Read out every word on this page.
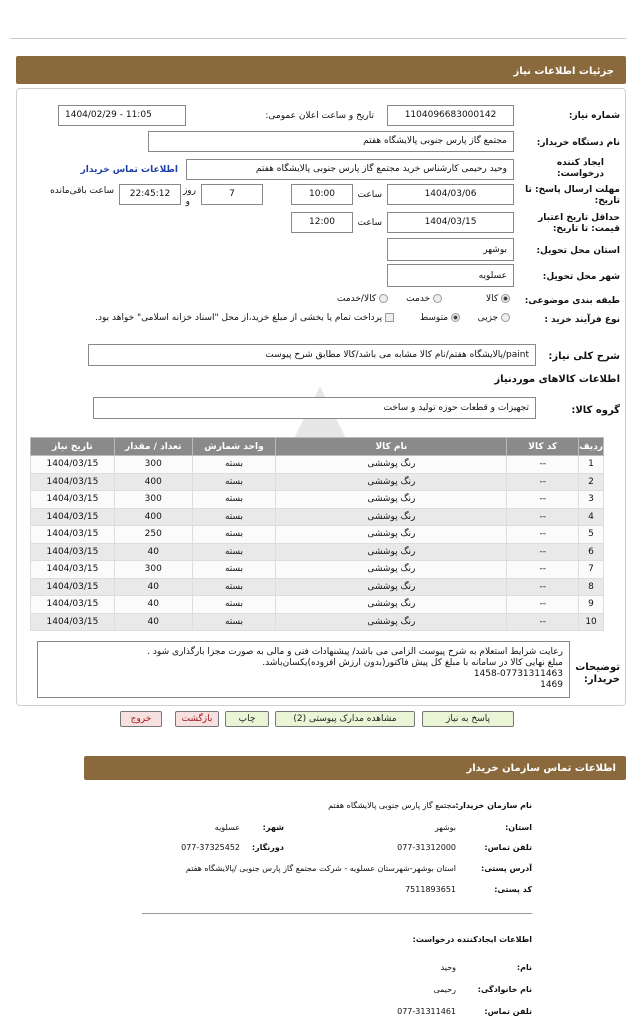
جزئیات اطلاعات نیاز
شماره نیاز:
1104096683000142
تاریخ و ساعت اعلان عمومی:
1404/02/29 - 11:05
نام دستگاه خریدار:
مجتمع گاز پارس جنوبی پالایشگاه هفتم
ایجاد کننده درخواست:
وحید رحیمی کارشناس خرید مجتمع گاز پارس جنوبی پالایشگاه هفتم
اطلاعات تماس خریدار
مهلت ارسال پاسخ: تا تاریخ:
1404/03/06
ساعت
10:00
7
روز
و
22:45:12
ساعت باقی‌مانده
حداقل تاریخ اعتبار قیمت: تا تاریخ:
1404/03/15
ساعت
12:00
استان محل تحویل:
بوشهر
شهر محل تحویل:
عسلویه
طبقه بندی موضوعی:
کالا
خدمت
کالا/خدمت
نوع فرآیند خرید :
جزیی
متوسط
پرداخت تمام یا بخشی از مبلغ خرید،از محل "اسناد خزانه اسلامی" خواهد بود.
شرح کلی نیاز:
paint/پالایشگاه هفتم/نام کالا مشابه می باشد/کالا مطابق شرح پیوست
اطلاعات کالاهای موردنیاز
گروه کالا:
تجهیزات و قطعات حوزه تولید و ساخت
ردیف	کد کالا	نام کالا	واحد شمارش	تعداد / مقدار	تاریخ نیاز
1	--	رنگ پوششی	بسته	300	1404/03/15
2	--	رنگ پوششی	بسته	400	1404/03/15
3	--	رنگ پوششی	بسته	300	1404/03/15
4	--	رنگ پوششی	بسته	400	1404/03/15
5	--	رنگ پوششی	بسته	250	1404/03/15
6	--	رنگ پوششی	بسته	40	1404/03/15
7	--	رنگ پوششی	بسته	300	1404/03/15
8	--	رنگ پوششی	بسته	40	1404/03/15
9	--	رنگ پوششی	بسته	40	1404/03/15
10	--	رنگ پوششی	بسته	40	1404/03/15
توضیحات خریدار:
رعایت شرایط استعلام به شرح پیوست الزامی می باشد/ پیشنهادات فنی و مالی به صورت مجزا بارگذاری شود .
مبلغ نهایی کالا در سامانه با مبلغ کل پیش فاکتور(بدون ارزش افزوده)یکسان‌باشد.
1458-07731311463
1469
پاسخ به نیاز
مشاهده مدارک پیوستی (2)
چاپ
بازگشت
خروج
اطلاعات تماس سازمان خریدار
نام سازمان خریدار:
مجتمع گاز پارس جنوبی پالایشگاه هفتم
استان:
بوشهر
شهر:
عسلویه
تلفن تماس:
077-31312000
دورنگار:
077-37325452
آدرس پستی:
استان بوشهر-شهرستان عسلویه - شرکت مجتمع گاز پارس جنوبی /پالایشگاه هفتم
کد پستی:
7511893651
اطلاعات ایجادکننده درخواست:
نام:
وحید
نام خانوادگی:
رحیمی
تلفن تماس:
077-31311461
